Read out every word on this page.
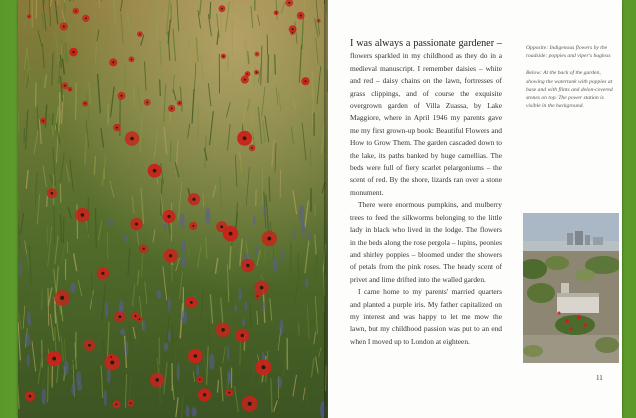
I was always a passionate gardener – flowers sparkled in my childhood as they do in a medieval manuscript. I remember daisies – white and red – daisy chains on the lawn, fortresses of grass clippings, and of course the exquisite overgrown garden of Villa Zuassa, by Lake Maggiore, where in April 1946 my parents gave me my first grown-up book: Beautiful Flowers and How to Grow Them. The garden cascaded down to the lake, its paths banked by huge camellias. The beds were full of fiery scarlet pelargoniums – the scent of red. By the shore, lizards ran over a stone monument.

There were enormous pumpkins, and mulberry trees to feed the silkworms belonging to the little lady in black who lived in the lodge. The flowers in the beds along the rose pergola – lupins, peonies and shirley poppies – bloomed under the showers of petals from the pink roses. The heady scent of privet and lime drifted into the walled garden.

I came home to my parents' married quarters and planted a purple iris. My father capitalized on my interest and was happy to let me mow the lawn, but my childhood passion was put to an end when I moved up to London at eighteen.

Opposite: Indigenous flowers by the roadside: poppies and viper's bugloss

Below: At the back of the garden, showing the watertank with poppies at base and with flints and delon-covered stones on top. The power station is visible in the background.

11
